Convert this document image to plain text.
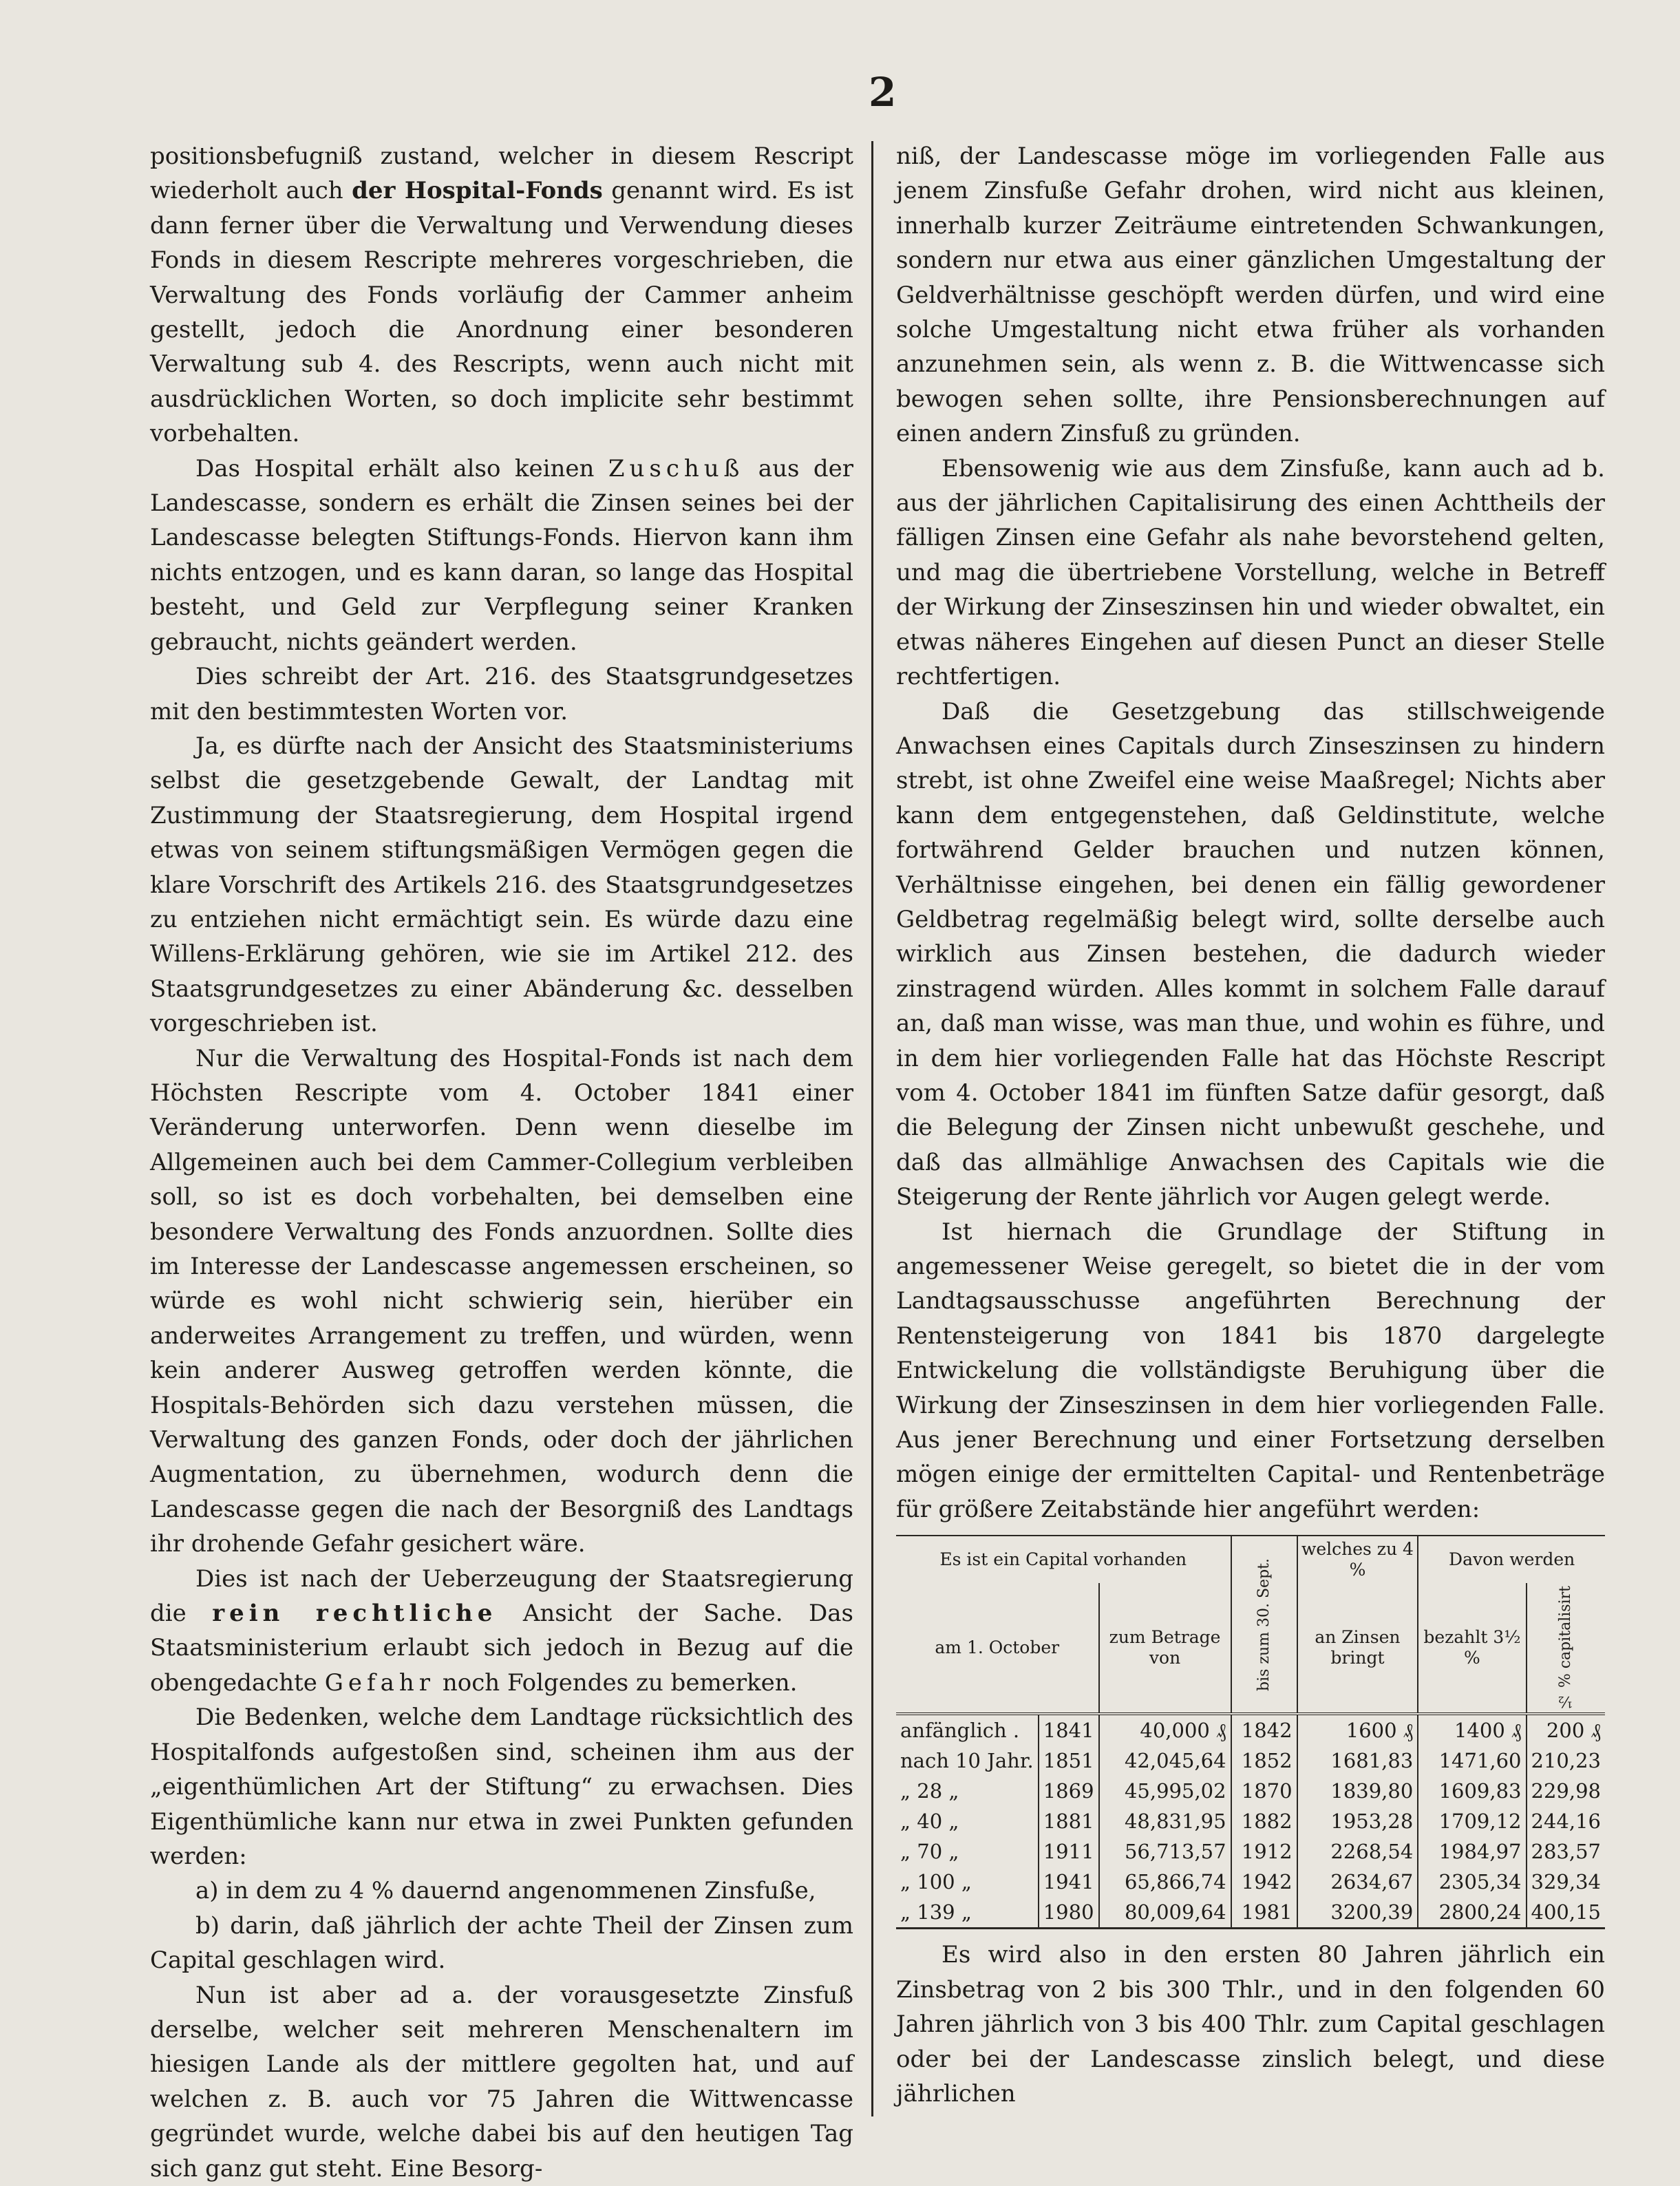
2

positionsbefugniß zustand, welcher in diesem Rescript wiederholt auch der Hospital-Fonds genannt wird. Es ist dann ferner über die Verwaltung und Verwendung dieses Fonds in diesem Rescripte mehreres vorgeschrieben, die Verwaltung des Fonds vorläufig der Cammer anheim gestellt, jedoch die Anordnung einer besonderen Verwaltung sub 4. des Rescripts, wenn auch nicht mit ausdrücklichen Worten, so doch implicite sehr bestimmt vorbehalten.

Das Hospital erhält also keinen Zuschuß aus der Landescasse, sondern es erhält die Zinsen seines bei der Landescasse belegten Stiftungs-Fonds. Hiervon kann ihm nichts entzogen, und es kann daran, so lange das Hospital besteht, und Geld zur Verpflegung seiner Kranken gebraucht, nichts geändert werden.

Dies schreibt der Art. 216. des Staatsgrundgesetzes mit den bestimmtesten Worten vor.

Ja, es dürfte nach der Ansicht des Staatsministeriums selbst die gesetzgebende Gewalt, der Landtag mit Zustimmung der Staatsregierung, dem Hospital irgend etwas von seinem stiftungsmäßigen Vermögen gegen die klare Vorschrift des Artikels 216. des Staatsgrundgesetzes zu entziehen nicht ermächtigt sein. Es würde dazu eine Willens-Erklärung gehören, wie sie im Artikel 212. des Staatsgrundgesetzes zu einer Abänderung &c. desselben vorgeschrieben ist.

Nur die Verwaltung des Hospital-Fonds ist nach dem Höchsten Rescripte vom 4. October 1841 einer Veränderung unterworfen. Denn wenn dieselbe im Allgemeinen auch bei dem Cammer-Collegium verbleiben soll, so ist es doch vorbehalten, bei demselben eine besondere Verwaltung des Fonds anzuordnen. Sollte dies im Interesse der Landescasse angemessen erscheinen, so würde es wohl nicht schwierig sein, hierüber ein anderweites Arrangement zu treffen, und würden, wenn kein anderer Ausweg getroffen werden könnte, die Hospitals-Behörden sich dazu verstehen müssen, die Verwaltung des ganzen Fonds, oder doch der jährlichen Augmentation, zu übernehmen, wodurch denn die Landescasse gegen die nach der Besorgniß des Landtags ihr drohende Gefahr gesichert wäre.

Dies ist nach der Ueberzeugung der Staatsregierung die rein rechtliche Ansicht der Sache. Das Staatsministerium erlaubt sich jedoch in Bezug auf die obengedachte Gefahr noch Folgendes zu bemerken.

Die Bedenken, welche dem Landtage rücksichtlich des Hospitalfonds aufgestoßen sind, scheinen ihm aus der „eigenthümlichen Art der Stiftung“ zu erwachsen. Dies Eigenthümliche kann nur etwa in zwei Punkten gefunden werden:

a) in dem zu 4 % dauernd angenommenen Zinsfuße,

b) darin, daß jährlich der achte Theil der Zinsen zum Capital geschlagen wird.

Nun ist aber ad a. der vorausgesetzte Zinsfuß derselbe, welcher seit mehreren Menschenaltern im hiesigen Lande als der mittlere gegolten hat, und auf welchen z. B. auch vor 75 Jahren die Wittwencasse gegründet wurde, welche dabei bis auf den heutigen Tag sich ganz gut steht. Eine Besorg-

niß, der Landescasse möge im vorliegenden Falle aus jenem Zinsfuße Gefahr drohen, wird nicht aus kleinen, innerhalb kurzer Zeiträume eintretenden Schwankungen, sondern nur etwa aus einer gänzlichen Umgestaltung der Geldverhältnisse geschöpft werden dürfen, und wird eine solche Umgestaltung nicht etwa früher als vorhanden anzunehmen sein, als wenn z. B. die Wittwencasse sich bewogen sehen sollte, ihre Pensionsberechnungen auf einen andern Zinsfuß zu gründen.

Ebensowenig wie aus dem Zinsfuße, kann auch ad b. aus der jährlichen Capitalisirung des einen Achttheils der fälligen Zinsen eine Gefahr als nahe bevorstehend gelten, und mag die übertriebene Vorstellung, welche in Betreff der Wirkung der Zinseszinsen hin und wieder obwaltet, ein etwas näheres Eingehen auf diesen Punct an dieser Stelle rechtfertigen.

Daß die Gesetzgebung das stillschweigende Anwachsen eines Capitals durch Zinseszinsen zu hindern strebt, ist ohne Zweifel eine weise Maaßregel; Nichts aber kann dem entgegenstehen, daß Geldinstitute, welche fortwährend Gelder brauchen und nutzen können, Verhältnisse eingehen, bei denen ein fällig gewordener Geldbetrag regelmäßig belegt wird, sollte derselbe auch wirklich aus Zinsen bestehen, die dadurch wieder zinstragend würden. Alles kommt in solchem Falle darauf an, daß man wisse, was man thue, und wohin es führe, und in dem hier vorliegenden Falle hat das Höchste Rescript vom 4. October 1841 im fünften Satze dafür gesorgt, daß die Belegung der Zinsen nicht unbewußt geschehe, und daß das allmählige Anwachsen des Capitals wie die Steigerung der Rente jährlich vor Augen gelegt werde.

Ist hiernach die Grundlage der Stiftung in angemessener Weise geregelt, so bietet die in der vom Landtagsausschusse angeführten Berechnung der Rentensteigerung von 1841 bis 1870 dargelegte Entwickelung die vollständigste Beruhigung über die Wirkung der Zinseszinsen in dem hier vorliegenden Falle. Aus jener Berechnung und einer Fortsetzung derselben mögen einige der ermittelten Capital- und Rentenbeträge für größere Zeitabstände hier angeführt werden:

Es ist ein Capital vorhanden			bis zum 30. Sept.	welches zu 4 %	Davon werden	
am 1. October		zum Betrage von		an Zinsen bringt	bezahlt 3½ %	½ % capitalisirt

anfänglich .	1841	40,000 ₰	1842	1600 ₰	1400 ₰	200 ₰
nach 10 Jahr.	1851	42,045,64	1852	1681,83	1471,60	210,23
„ 28 „	1869	45,995,02	1870	1839,80	1609,83	229,98
„ 40 „	1881	48,831,95	1882	1953,28	1709,12	244,16
„ 70 „	1911	56,713,57	1912	2268,54	1984,97	283,57
„ 100 „	1941	65,866,74	1942	2634,67	2305,34	329,34
„ 139 „	1980	80,009,64	1981	3200,39	2800,24	400,15

Es wird also in den ersten 80 Jahren jährlich ein Zinsbetrag von 2 bis 300 Thlr., und in den folgenden 60 Jahren jährlich von 3 bis 400 Thlr. zum Capital geschlagen oder bei der Landescasse zinslich belegt, und diese jährlichen
